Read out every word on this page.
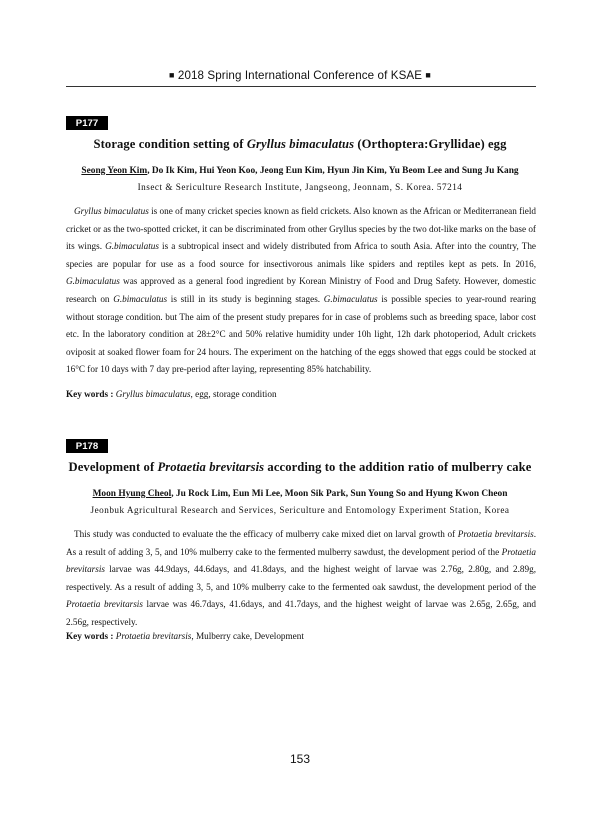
■ 2018 Spring International Conference of KSAE ■
P177
Storage condition setting of Gryllus bimaculatus (Orthoptera:Gryllidae) egg
Seong Yeon Kim, Do Ik Kim, Hui Yeon Koo, Jeong Eun Kim, Hyun Jin Kim, Yu Beom Lee and Sung Ju Kang
Insect & Sericulture Research Institute, Jangseong, Jeonnam, S. Korea. 57214

Gryllus bimaculatus is one of many cricket species known as field crickets. Also known as the African or Mediterranean field cricket or as the two-spotted cricket, it can be discriminated from other Gryllus species by the two dot-like marks on the base of its wings. G.bimaculatus is a subtropical insect and widely distributed from Africa to south Asia. After into the country, The species are popular for use as a food source for insectivorous animals like spiders and reptiles kept as pets. In 2016, G.bimaculatus was approved as a general food ingredient by Korean Ministry of Food and Drug Safety. However, domestic research on G.bimaculatus is still in its study is beginning stages. G.bimaculatus is possible species to year-round rearing without storage condition. but The aim of the present study prepares for in case of problems such as breeding space, labor cost etc. In the laboratory condition at 28±2°C and 50% relative humidity under 10h light, 12h dark photoperiod, Adult crickets oviposit at soaked flower foam for 24 hours. The experiment on the hatching of the eggs showed that eggs could be stocked at 16°C for 10 days with 7 day pre-period after laying, representing 85% hatchability.

Key words : Gryllus bimaculatus, egg, storage condition
P178
Development of Protaetia brevitarsis according to the addition ratio of mulberry cake
Moon Hyung Cheol, Ju Rock Lim, Eun Mi Lee, Moon Sik Park, Sun Young So and Hyung Kwon Cheon
Jeonbuk Agricultural Research and Services, Sericulture and Entomology Experiment Station, Korea

This study was conducted to evaluate the the efficacy of mulberry cake mixed diet on larval growth of Protaetia brevitarsis. As a result of adding 3, 5, and 10% mulberry cake to the fermented mulberry sawdust, the development period of the Protaetia brevitarsis larvae was 44.9days, 44.6days, and 41.8days, and the highest weight of larvae was 2.76g, 2.80g, and 2.89g, respectively. As a result of adding 3, 5, and 10% mulberry cake to the fermented oak sawdust, the development period of the Protaetia brevitarsis larvae was 46.7days, 41.6days, and 41.7days, and the highest weight of larvae was 2.65g, 2.65g, and 2.56g, respectively.

Key words : Protaetia brevitarsis, Mulberry cake, Development
153
